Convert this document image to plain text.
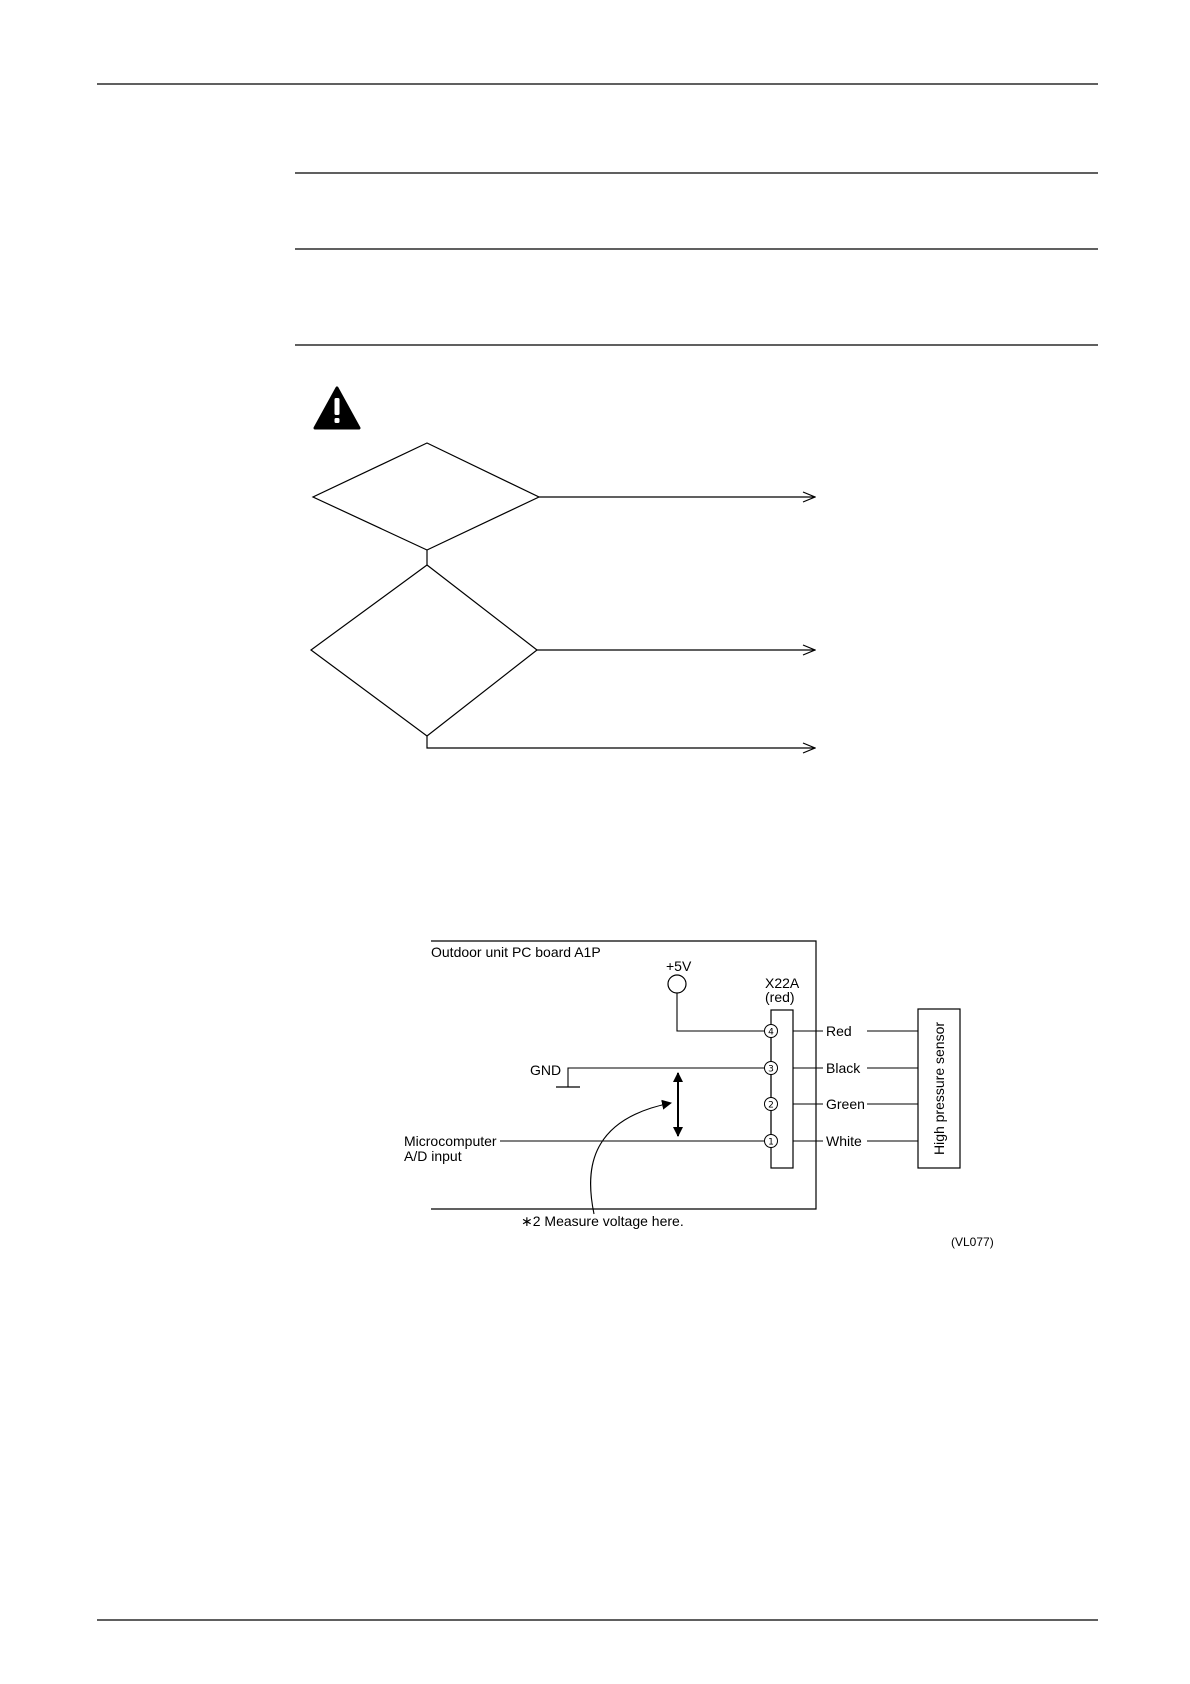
Outdoor unit PC board A1P
+5V
X22A
(red)
4
3
2
1
GND
Microcomputer
A/D input
∗2 Measure voltage here.
Red
Black
Green
White	High pressure sensor
(VL077)
